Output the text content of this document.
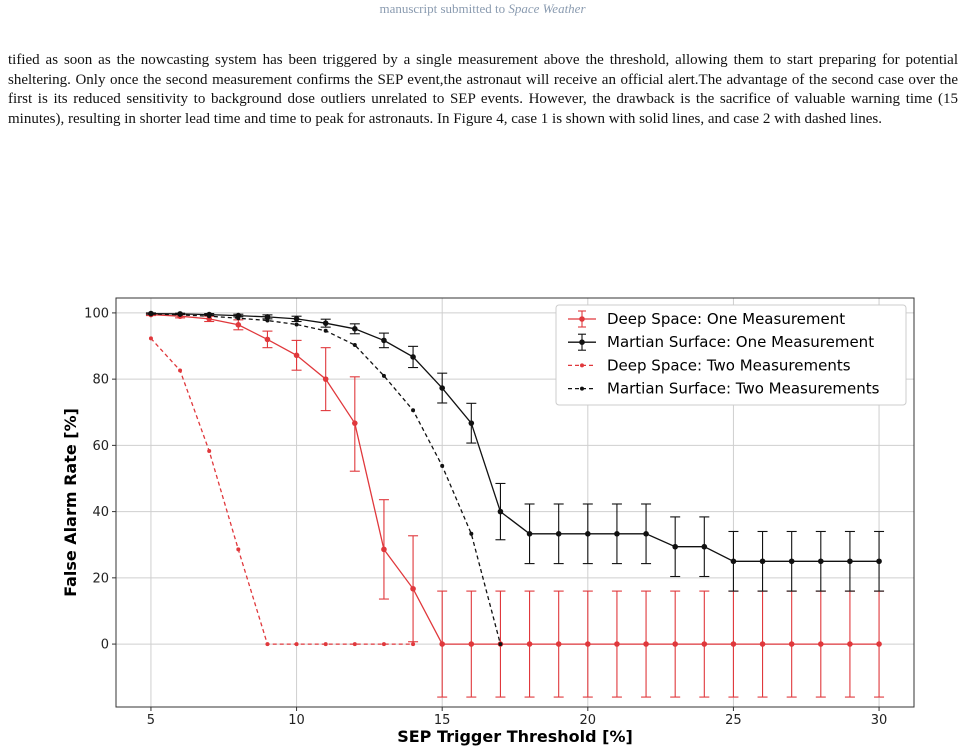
manuscript submitted to Space Weather

tified as soon as the nowcasting system has been triggered by a single measurement above the threshold, allowing them to start preparing for potential sheltering. Only once the second measurement confirms the SEP event,the astronaut will receive an official alert.The advantage of the second case over the first is its reduced sensitivity to background dose outliers unrelated to SEP events. However, the drawback is the sacrifice of valuable warning time (15 minutes), resulting in shorter lead time and time to peak for astronauts. In Figure 4, case 1 is shown with solid lines, and case 2 with dashed lines.

5	10	15	20	25	30
0
20
40
60
80
100
SEP Trigger Threshold [%]
False Alarm Rate [%]
Deep Space: One Measurement
Martian Surface: One Measurement
Deep Space: Two Measurements
Martian Surface: Two Measurements
